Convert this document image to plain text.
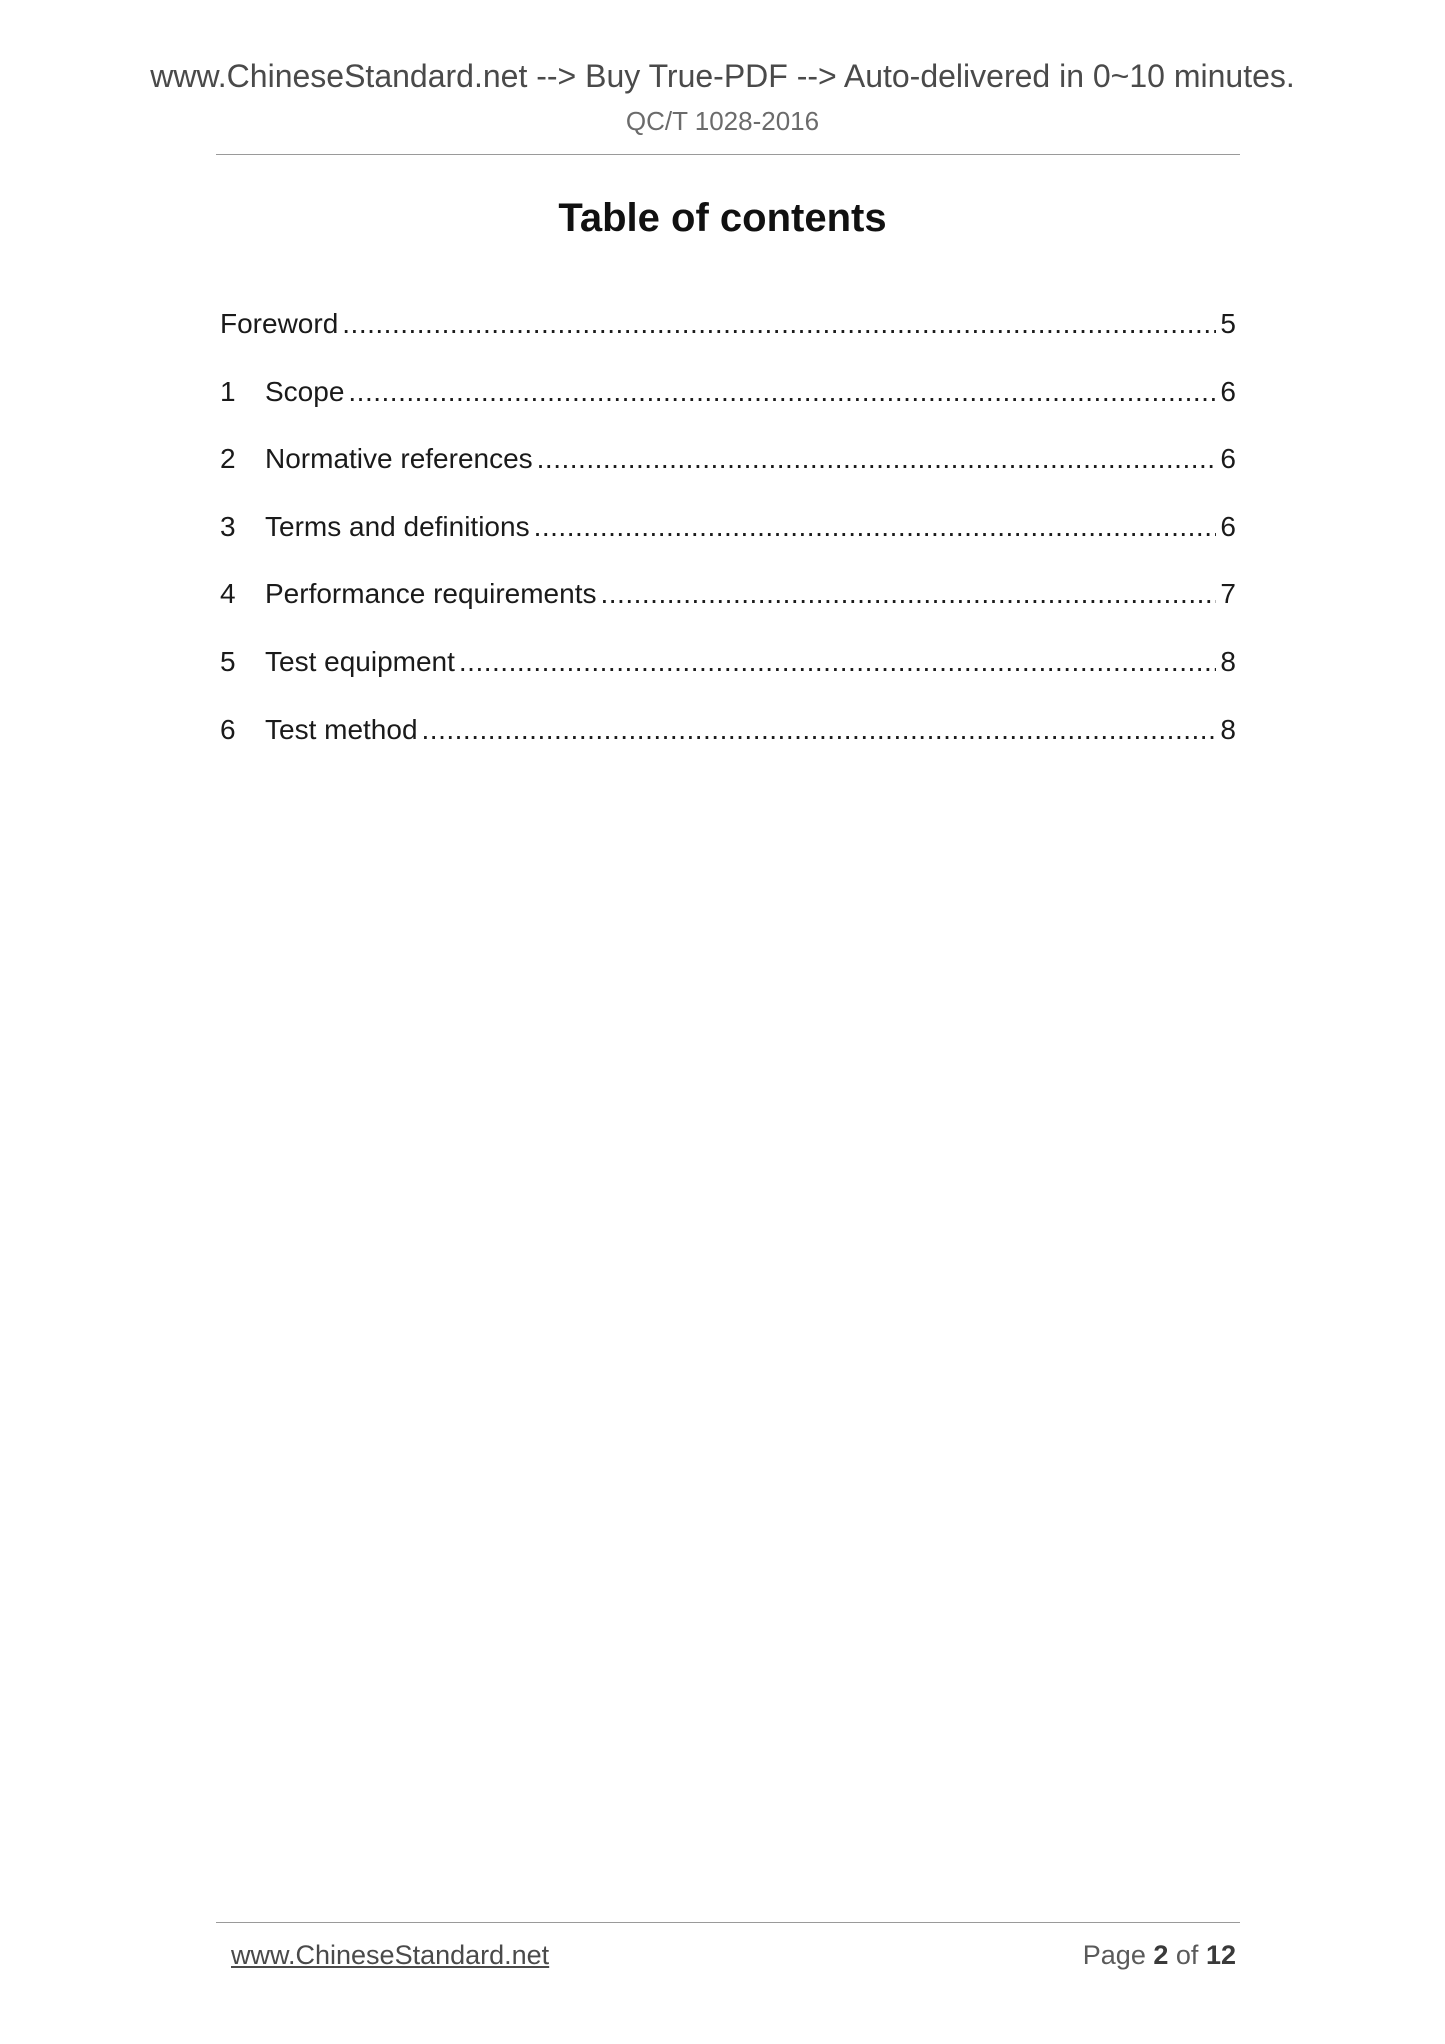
www.ChineseStandard.net --> Buy True-PDF --> Auto-delivered in 0~10 minutes.
QC/T 1028-2016
Table of contents
Foreword .....	5
1	Scope .....	6
2	Normative references .....	6
3	Terms and definitions .....	6
4	Performance requirements .....	7
5	Test equipment .....	8
6	Test method .....	8
www.ChineseStandard.net	Page 2 of 12
